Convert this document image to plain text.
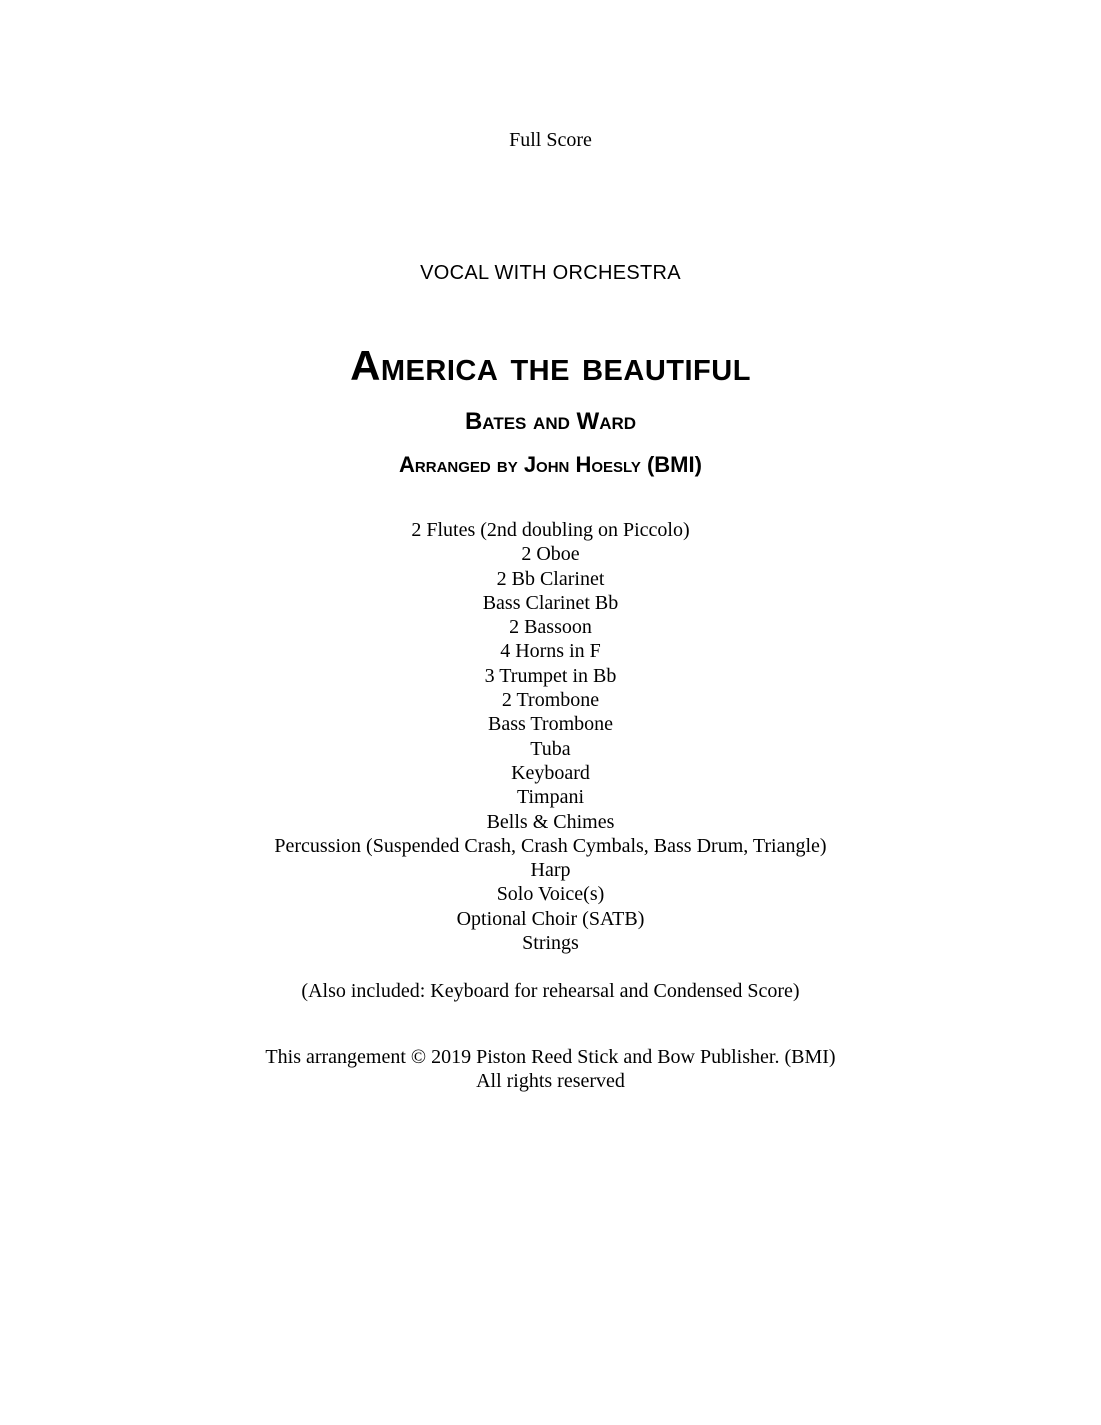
Full Score
VOCAL WITH ORCHESTRA
America the beautiful
Bates and Ward
Arranged by John Hoesly (BMI)
2 Flutes (2nd doubling on Piccolo)
2 Oboe
2 Bb Clarinet
Bass Clarinet Bb
2 Bassoon
4 Horns in F
3 Trumpet in Bb
2 Trombone
Bass Trombone
Tuba
Keyboard
Timpani
Bells & Chimes
Percussion (Suspended Crash, Crash Cymbals, Bass Drum, Triangle)
Harp
Solo Voice(s)
Optional Choir (SATB)
Strings
(Also included: Keyboard for rehearsal and Condensed Score)
This arrangement © 2019 Piston Reed Stick and Bow Publisher. (BMI)
All rights reserved
